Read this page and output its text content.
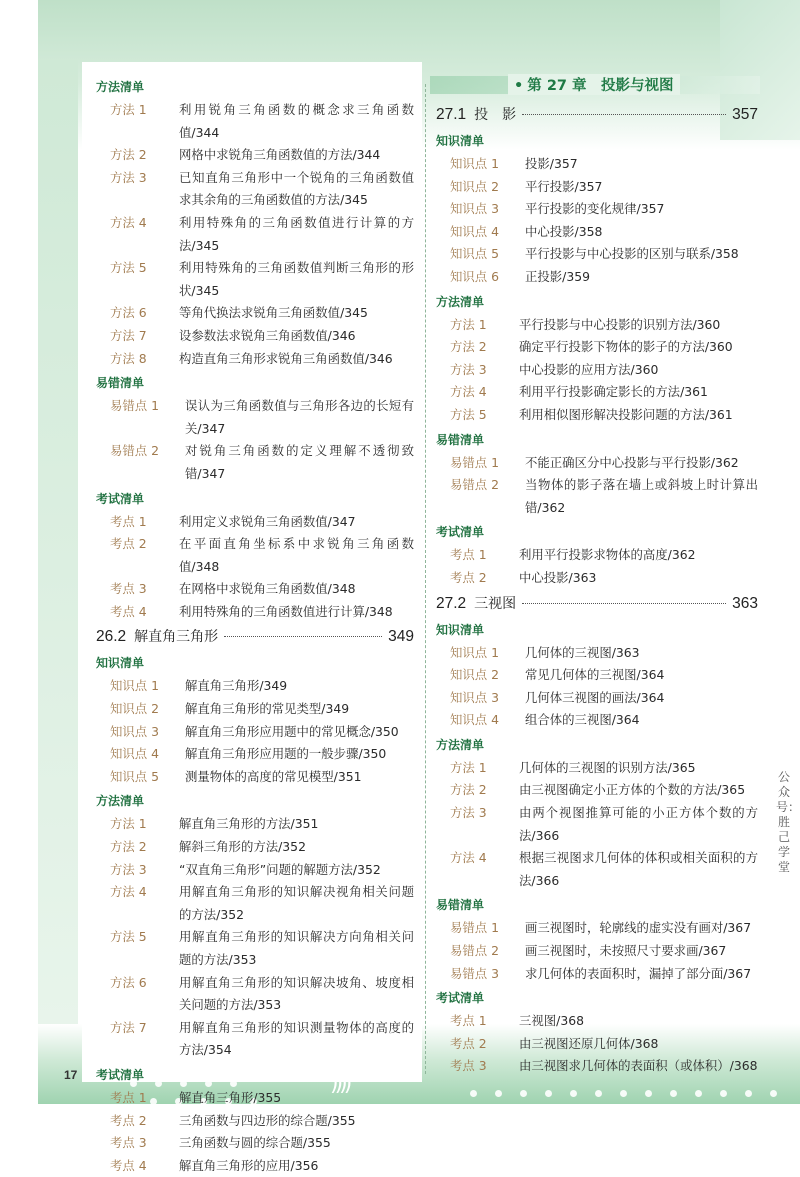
))))
方法清单
方法 1	利用锐角三角函数的概念求三角函数值/344
方法 2	网格中求锐角三角函数值的方法/344
方法 3	已知直角三角形中一个锐角的三角函数值求其余角的三角函数值的方法/345
方法 4	利用特殊角的三角函数值进行计算的方法/345
方法 5	利用特殊角的三角函数值判断三角形的形状/345
方法 6	等角代换法求锐角三角函数值/345
方法 7	设参数法求锐角三角函数值/346
方法 8	构造直角三角形求锐角三角函数值/346
易错清单
易错点 1	误认为三角函数值与三角形各边的长短有关/347
易错点 2	对锐角三角函数的定义理解不透彻致错/347
考试清单
考点 1	利用定义求锐角三角函数值/347
考点 2	在平面直角坐标系中求锐角三角函数值/348
考点 3	在网格中求锐角三角函数值/348
考点 4	利用特殊角的三角函数值进行计算/348
26.2 解直角三角形	349
知识清单
知识点 1	解直角三角形/349
知识点 2	解直角三角形的常见类型/349
知识点 3	解直角三角形应用题中的常见概念/350
知识点 4	解直角三角形应用题的一般步骤/350
知识点 5	测量物体的高度的常见模型/351
方法清单
方法 1	解直角三角形的方法/351
方法 2	解斜三角形的方法/352
方法 3	“双直角三角形”问题的解题方法/352
方法 4	用解直角三角形的知识解决视角相关问题的方法/352
方法 5	用解直角三角形的知识解决方向角相关问题的方法/353
方法 6	用解直角三角形的知识解决坡角、坡度相关问题的方法/353
方法 7	用解直角三角形的知识测量物体的高度的方法/354
考试清单
考点 1	解直角三角形/355
考点 2	三角函数与四边形的综合题/355
考点 3	三角函数与圆的综合题/355
考点 4	解直角三角形的应用/356
• 第 27 章　投影与视图
27.1 投　影	357
知识清单
知识点 1	投影/357
知识点 2	平行投影/357
知识点 3	平行投影的变化规律/357
知识点 4	中心投影/358
知识点 5	平行投影与中心投影的区别与联系/358
知识点 6	正投影/359
方法清单
方法 1	平行投影与中心投影的识别方法/360
方法 2	确定平行投影下物体的影子的方法/360
方法 3	中心投影的应用方法/360
方法 4	利用平行投影确定影长的方法/361
方法 5	利用相似图形解决投影问题的方法/361
易错清单
易错点 1	不能正确区分中心投影与平行投影/362
易错点 2	当物体的影子落在墙上或斜坡上时计算出错/362
考试清单
考点 1	利用平行投影求物体的高度/362
考点 2	中心投影/363
27.2 三视图	363
知识清单
知识点 1	几何体的三视图/363
知识点 2	常见几何体的三视图/364
知识点 3	几何体三视图的画法/364
知识点 4	组合体的三视图/364
方法清单
方法 1	几何体的三视图的识别方法/365
方法 2	由三视图确定小正方体的个数的方法/365
方法 3	由两个视图推算可能的小正方体个数的方法/366
方法 4	根据三视图求几何体的体积或相关面积的方法/366
易错清单
易错点 1	画三视图时，轮廓线的虚实没有画对/367
易错点 2	画三视图时，未按照尺寸要求画/367
易错点 3	求几何体的表面积时，漏掉了部分面/367
考试清单
考点 1	三视图/368
考点 2	由三视图还原几何体/368
考点 3	由三视图求几何体的表面积（或体积）/368
17
公众号：胜己学堂
